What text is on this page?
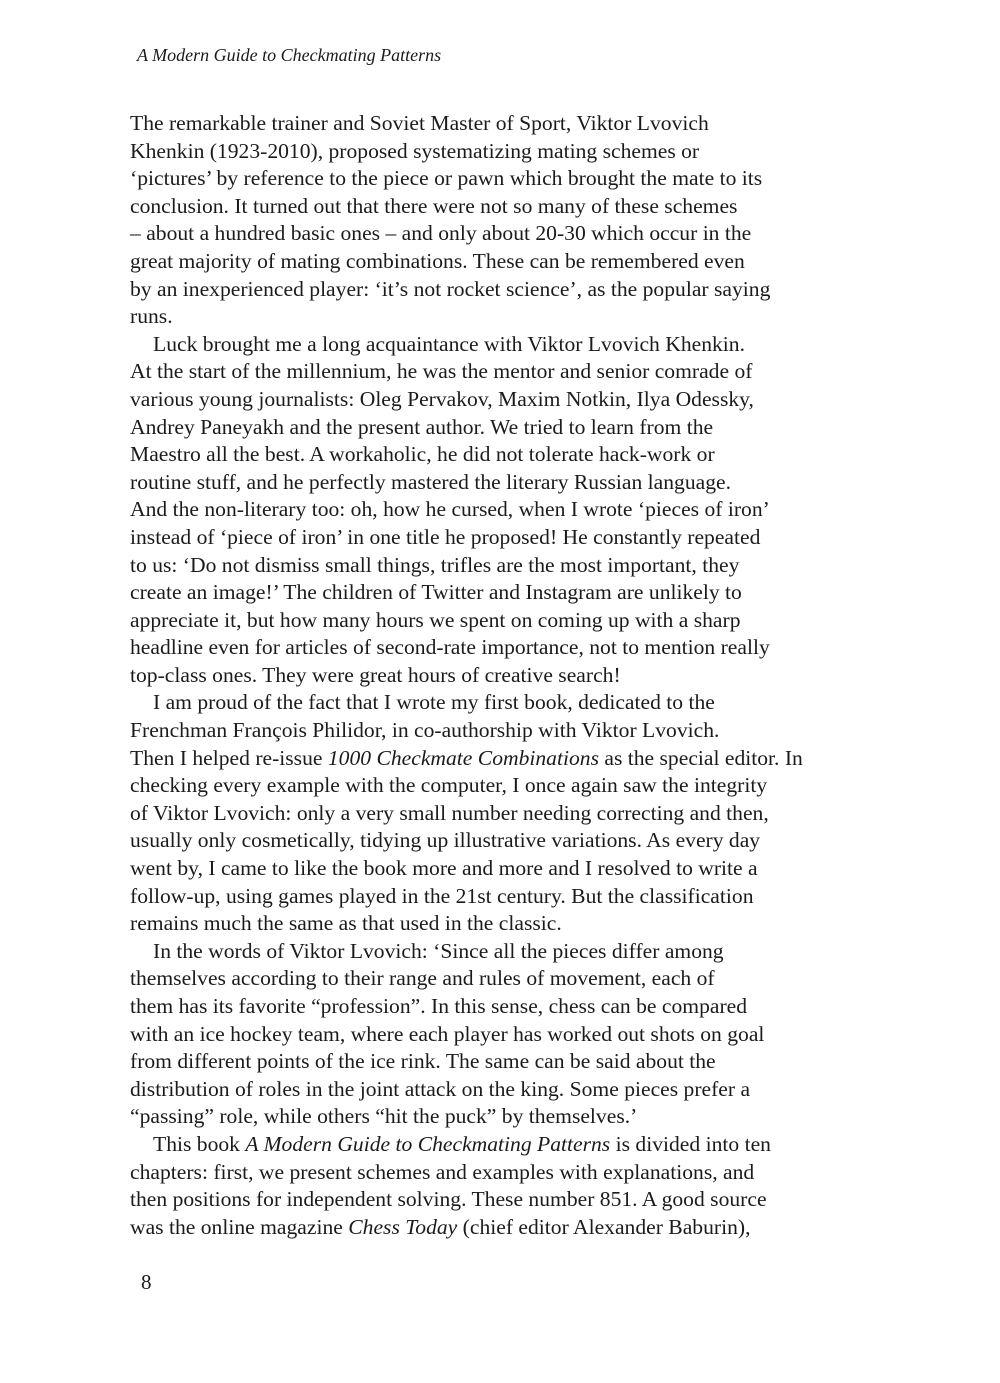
A Modern Guide to Checkmating Patterns
The remarkable trainer and Soviet Master of Sport, Viktor Lvovich
Khenkin (1923-2010), proposed systematizing mating schemes or
‘pictures’ by reference to the piece or pawn which brought the mate to its
conclusion. It turned out that there were not so many of these schemes
– about a hundred basic ones – and only about 20-30 which occur in the
great majority of mating combinations. These can be remembered even
by an inexperienced player: ‘it’s not rocket science’, as the popular saying
runs.
Luck brought me a long acquaintance with Viktor Lvovich Khenkin.
At the start of the millennium, he was the mentor and senior comrade of
various young journalists: Oleg Pervakov, Maxim Notkin, Ilya Odessky,
Andrey Paneyakh and the present author. We tried to learn from the
Maestro all the best. A workaholic, he did not tolerate hack-work or
routine stuff, and he perfectly mastered the literary Russian language.
And the non-literary too: oh, how he cursed, when I wrote ‘pieces of iron’
instead of ‘piece of iron’ in one title he proposed! He constantly repeated
to us: ‘Do not dismiss small things, trifles are the most important, they
create an image!’ The children of Twitter and Instagram are unlikely to
appreciate it, but how many hours we spent on coming up with a sharp
headline even for articles of second-rate importance, not to mention really
top-class ones. They were great hours of creative search!
I am proud of the fact that I wrote my first book, dedicated to the
Frenchman François Philidor, in co-authorship with Viktor Lvovich.
Then I helped re-issue 1000 Checkmate Combinations as the special editor. In
checking every example with the computer, I once again saw the integrity
of Viktor Lvovich: only a very small number needing correcting and then,
usually only cosmetically, tidying up illustrative variations. As every day
went by, I came to like the book more and more and I resolved to write a
follow-up, using games played in the 21st century. But the classification
remains much the same as that used in the classic.
In the words of Viktor Lvovich: ‘Since all the pieces differ among
themselves according to their range and rules of movement, each of
them has its favorite “profession”. In this sense, chess can be compared
with an ice hockey team, where each player has worked out shots on goal
from different points of the ice rink. The same can be said about the
distribution of roles in the joint attack on the king. Some pieces prefer a
“passing” role, while others “hit the puck” by themselves.’
This book A Modern Guide to Checkmating Patterns is divided into ten
chapters: first, we present schemes and examples with explanations, and
then positions for independent solving. These number 851. A good source
was the online magazine Chess Today (chief editor Alexander Baburin),
8
